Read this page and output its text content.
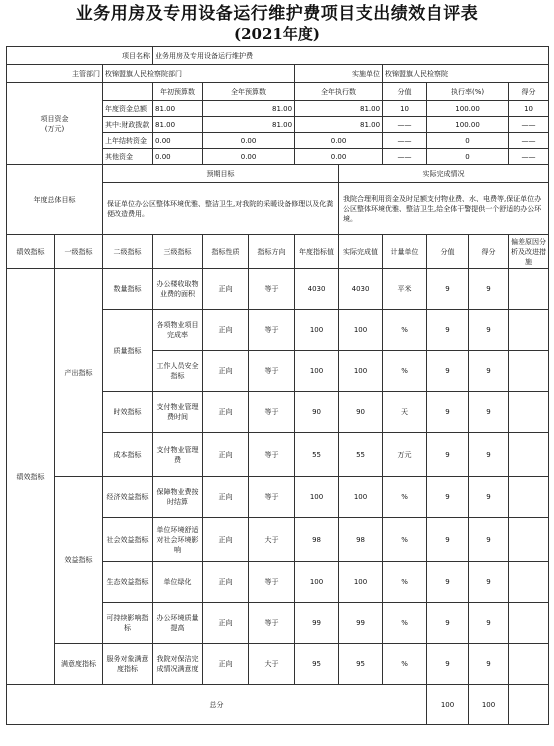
业务用房及专用设备运行维护费项目支出绩效自评表
(2021年度)
项目名称			业务用房及专用设备运行维护费								
主管部门		枚锦盟旗人民检察院部门				实施单位		枚锦盟旗人民检察院			
项目资金
(万元)			年初预算数	全年预算数		全年执行数		分值	执行率(%)		得分
		年度资金总额	81.00	81.00		81.00		10	100.00		10
		其中:财政拨款	81.00	81.00		81.00		——	100.00		——
		上年结转资金	0.00	0.00		0.00		——	0		——
		其他资金	0.00	0.00		0.00		——	0		——
年度总体目标		预期目标					实际完成情况				
		保证单位办公区整体环境优雅、整洁卫生,对我院的采暖设备修理以及化粪便改造费用。					我院合理利用资金及时足额支付物业费、水、电费等,保证单位办公区整体环境优雅、整洁卫生,给全体干警提供一个舒适的办公环境。				
绩效指标	一级指标	二级指标	三级指标	指标性质	指标方向	年度指标值	实际完成值	计量单位	分值	得分	偏差原因分析及改进措施
绩效指标	产出指标	数量指标	办公楼收取物业费的面积	正向	等于	4030	4030	平米	9	9	
		质量指标	各项物业项目完成率	正向	等于	100	100	%	9	9	
			工作人员安全指标	正向	等于	100	100	%	9	9	
		时效指标	支付物业管理费时间	正向	等于	90	90	天	9	9	
		成本指标	支付物业管理费	正向	等于	55	55	万元	9	9	
	效益指标	经济效益指标	保障物业费按时结算	正向	等于	100	100	%	9	9	
		社会效益指标	单位环境舒适对社会环境影响	正向	大于	98	98	%	9	9	
		生态效益指标	单位绿化	正向	等于	100	100	%	9	9	
		可持续影响指标	办公环境质量提高	正向	等于	99	99	%	9	9	
	满意度指标	服务对象满意度指标	我院对保洁完成情况满意度	正向	大于	95	95	%	9	9	
总分									100	100	
